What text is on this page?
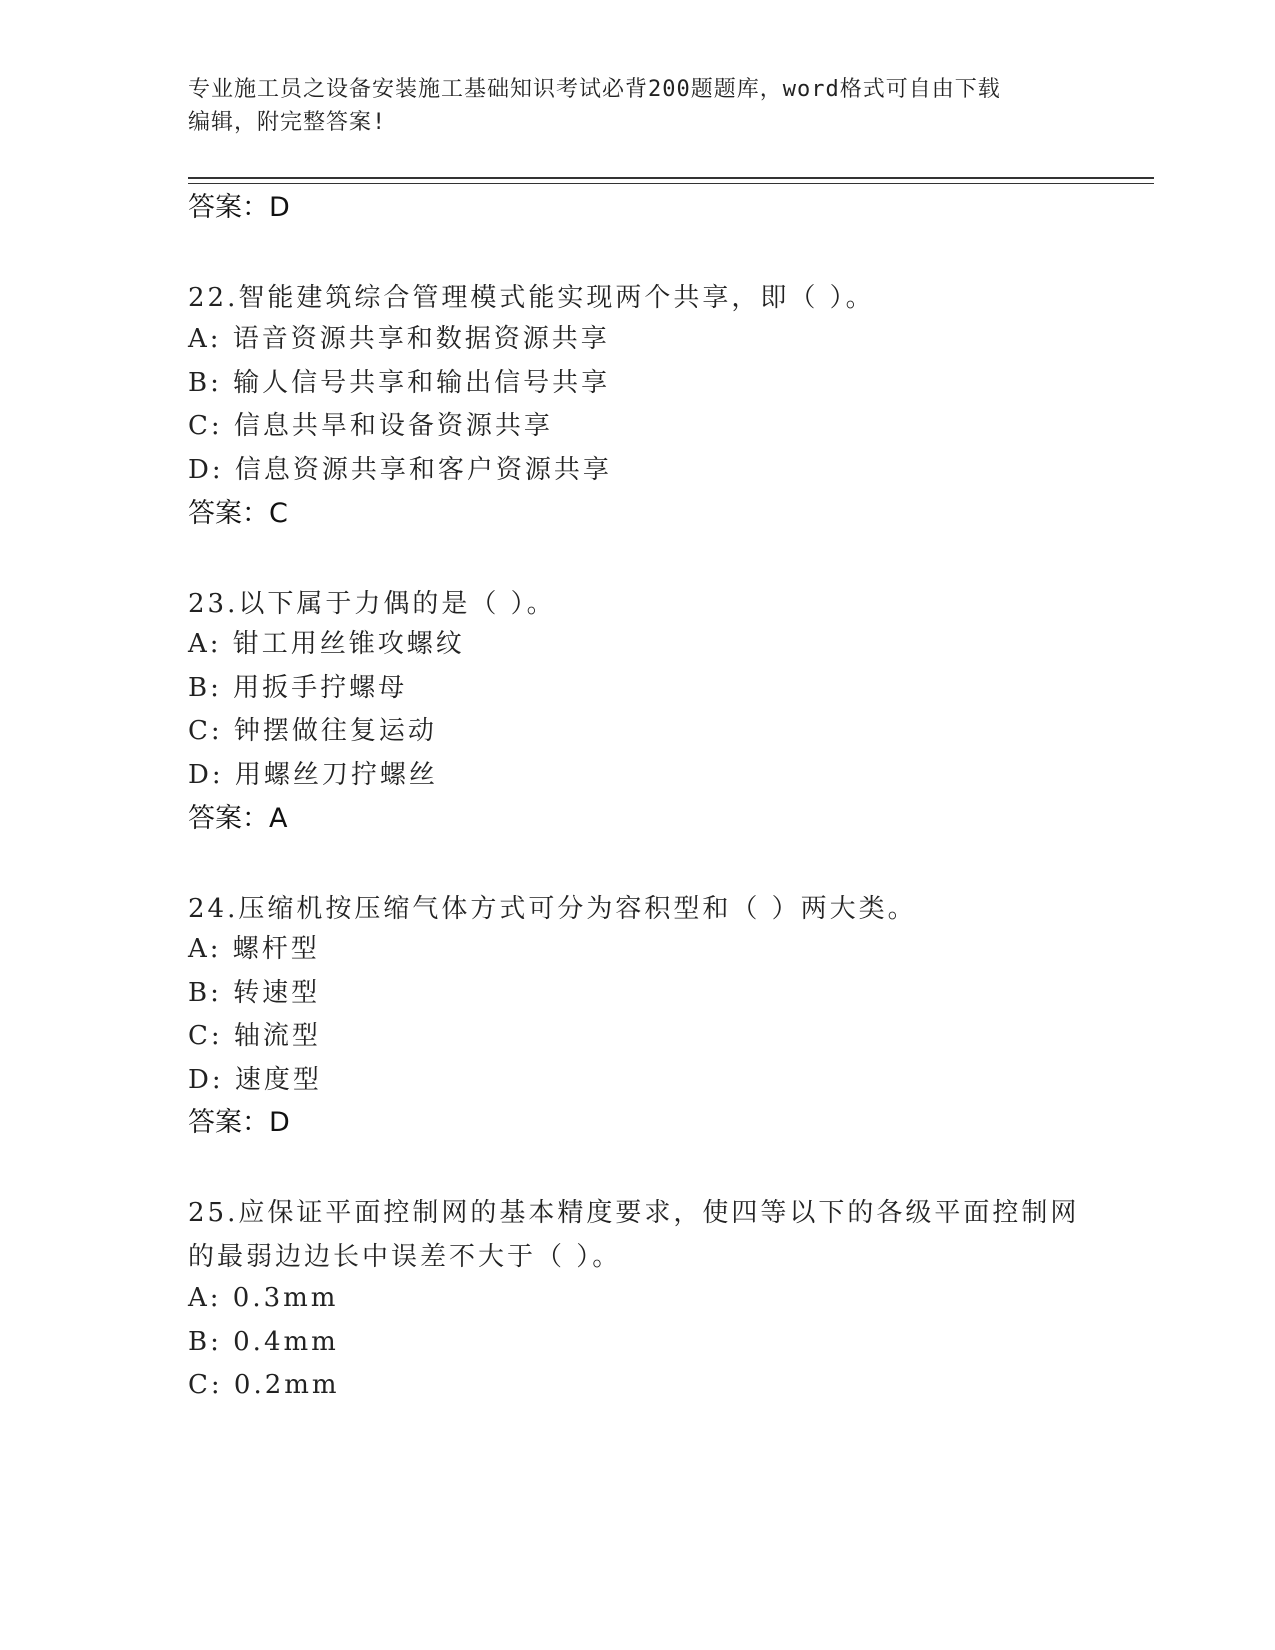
专业施工员之设备安装施工基础知识考试必背200题题库，word格式可自由下载
编辑，附完整答案!
答案：D
22.智能建筑综合管理模式能实现两个共享，即（ ）。
A: 语音资源共享和数据资源共享
B: 输人信号共享和输出信号共享
C: 信息共旱和设备资源共享
D: 信息资源共享和客户资源共享
答案：C
23.以下属于力偶的是（ ）。
A: 钳工用丝锥攻螺纹
B: 用扳手拧螺母
C: 钟摆做往复运动
D: 用螺丝刀拧螺丝
答案：A
24.压缩机按压缩气体方式可分为容积型和（ ）两大类。
A: 螺杆型
B: 转速型
C: 轴流型
D: 速度型
答案：D
25.应保证平面控制网的基本精度要求，使四等以下的各级平面控制网
的最弱边边长中误差不大于（ ）。
A: 0.3mm
B: 0.4mm
C: 0.2mm
